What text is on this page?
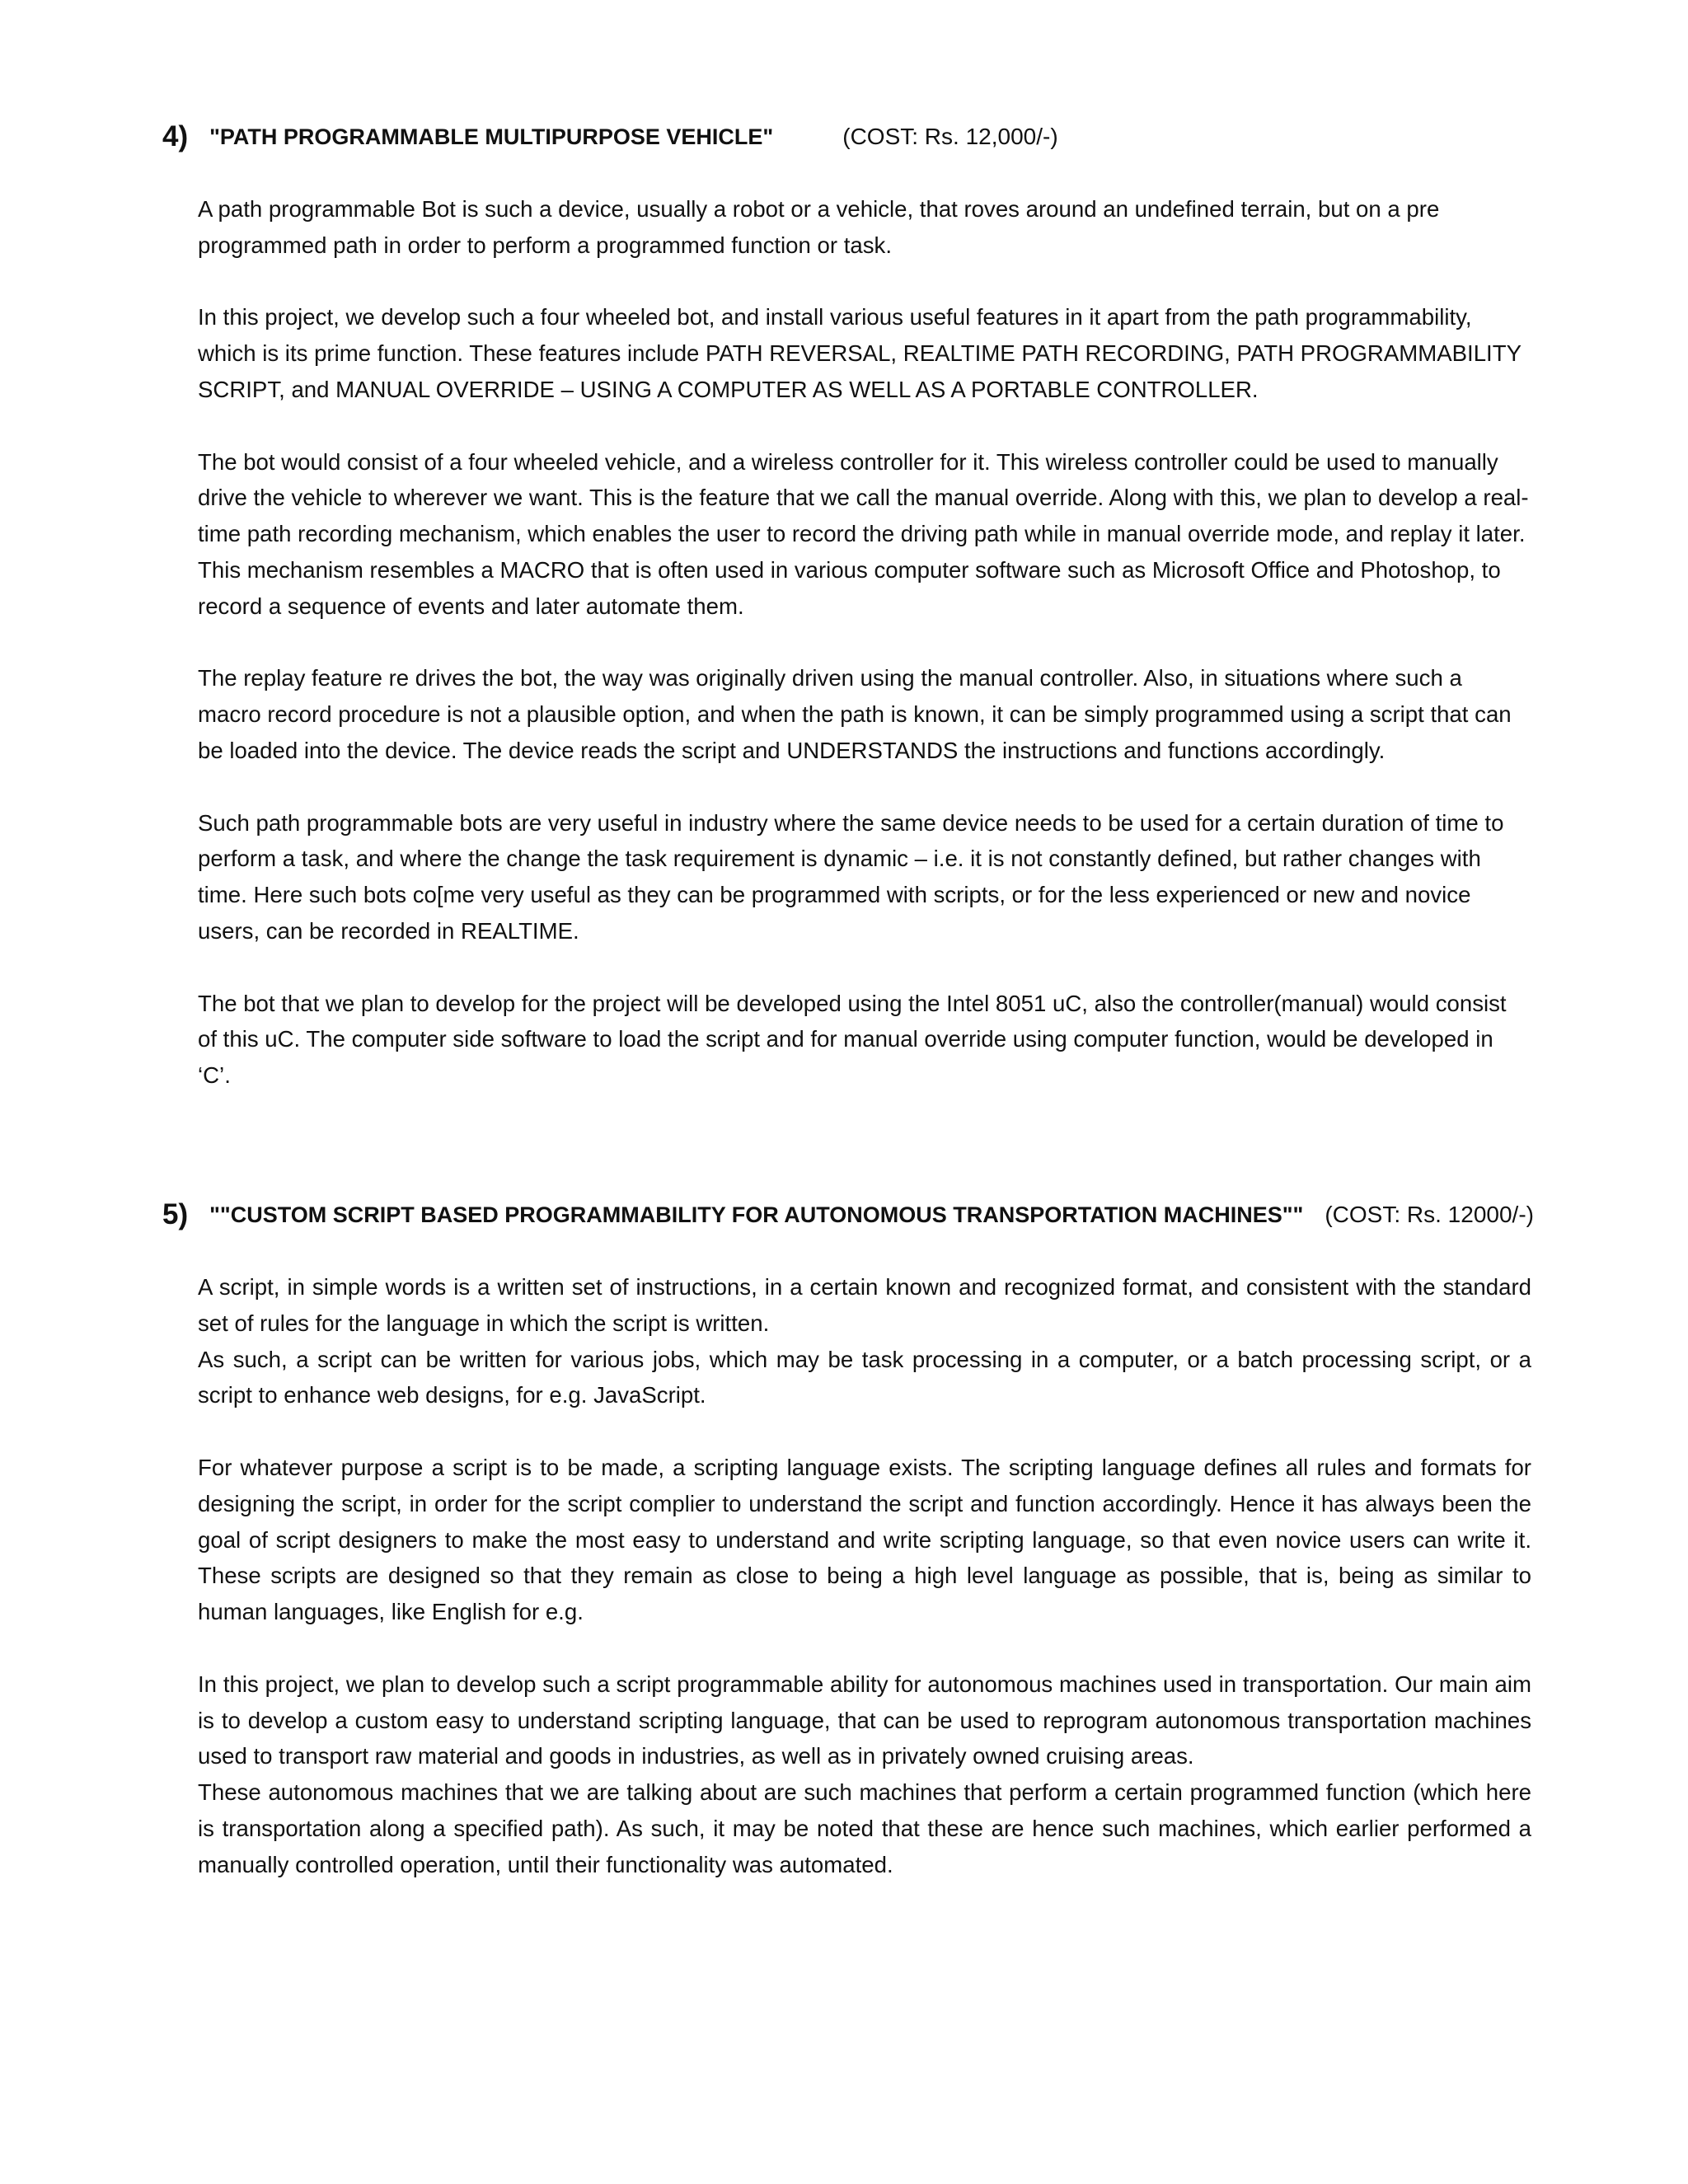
4) "PATH PROGRAMMABLE MULTIPURPOSE VEHICLE"	(COST: Rs. 12,000/-)

A path programmable Bot is such a device, usually a robot or a vehicle, that roves around an undefined terrain, but on a pre programmed path in order to perform a programmed function or task.

In this project, we develop such a four wheeled bot, and install various useful features in it apart from the path programmability, which is its prime function. These features include PATH REVERSAL, REALTIME PATH RECORDING, PATH PROGRAMMABILITY SCRIPT, and MANUAL OVERRIDE – USING A COMPUTER AS WELL AS A PORTABLE CONTROLLER.

The bot would consist of a four wheeled vehicle, and a wireless controller for it. This wireless controller could be used to manually drive the vehicle to wherever we want. This is the feature that we call the manual override. Along with this, we plan to develop a real-time path recording mechanism, which enables the user to record the driving path while in manual override mode, and replay it later. This mechanism resembles a MACRO that is often used in various computer software such as Microsoft Office and Photoshop, to record a sequence of events and later automate them.

The replay feature re drives the bot, the way was originally driven using the manual controller. Also, in situations where such a macro record procedure is not a plausible option, and when the path is known, it can be simply programmed using a script that can be loaded into the device. The device reads the script and UNDERSTANDS the instructions and functions accordingly.

Such path programmable bots are very useful in industry where the same device needs to be used for a certain duration of time to perform a task, and where the change the task requirement is dynamic – i.e. it is not constantly defined, but rather changes with time. Here such bots co[me very useful as they can be programmed with scripts, or for the less experienced or new and novice users, can be recorded in REALTIME.

The bot that we plan to develop for the project will be developed using the Intel 8051 uC, also the controller(manual) would consist of this uC. The computer side software to load the script and for manual override using computer function, would be developed in ‘C’.

5) ""CUSTOM SCRIPT BASED PROGRAMMABILITY FOR AUTONOMOUS TRANSPORTATION MACHINES"" (COST: Rs. 12000/-)

A script, in simple words is a written set of instructions, in a certain known and recognized format, and consistent with the standard set of rules for the language in which the script is written.

As such, a script can be written for various jobs, which may be task processing in a computer, or a batch processing script, or a script to enhance web designs, for e.g. JavaScript.

For whatever purpose a script is to be made, a scripting language exists. The scripting language defines all rules and formats for designing the script, in order for the script complier to understand the script and function accordingly. Hence it has always been the goal of script designers to make the most easy to understand and write scripting language, so that even novice users can write it. These scripts are designed so that they remain as close to being a high level language as possible, that is, being as similar to human languages, like English for e.g.

In this project, we plan to develop such a script programmable ability for autonomous machines used in transportation. Our main aim is to develop a custom easy to understand scripting language, that can be used to reprogram autonomous transportation machines used to transport raw material and goods in industries, as well as in privately owned cruising areas.

These autonomous machines that we are talking about are such machines that perform a certain programmed function (which here is transportation along a specified path). As such, it may be noted that these are hence such machines, which earlier performed a manually controlled operation, until their functionality was automated.
